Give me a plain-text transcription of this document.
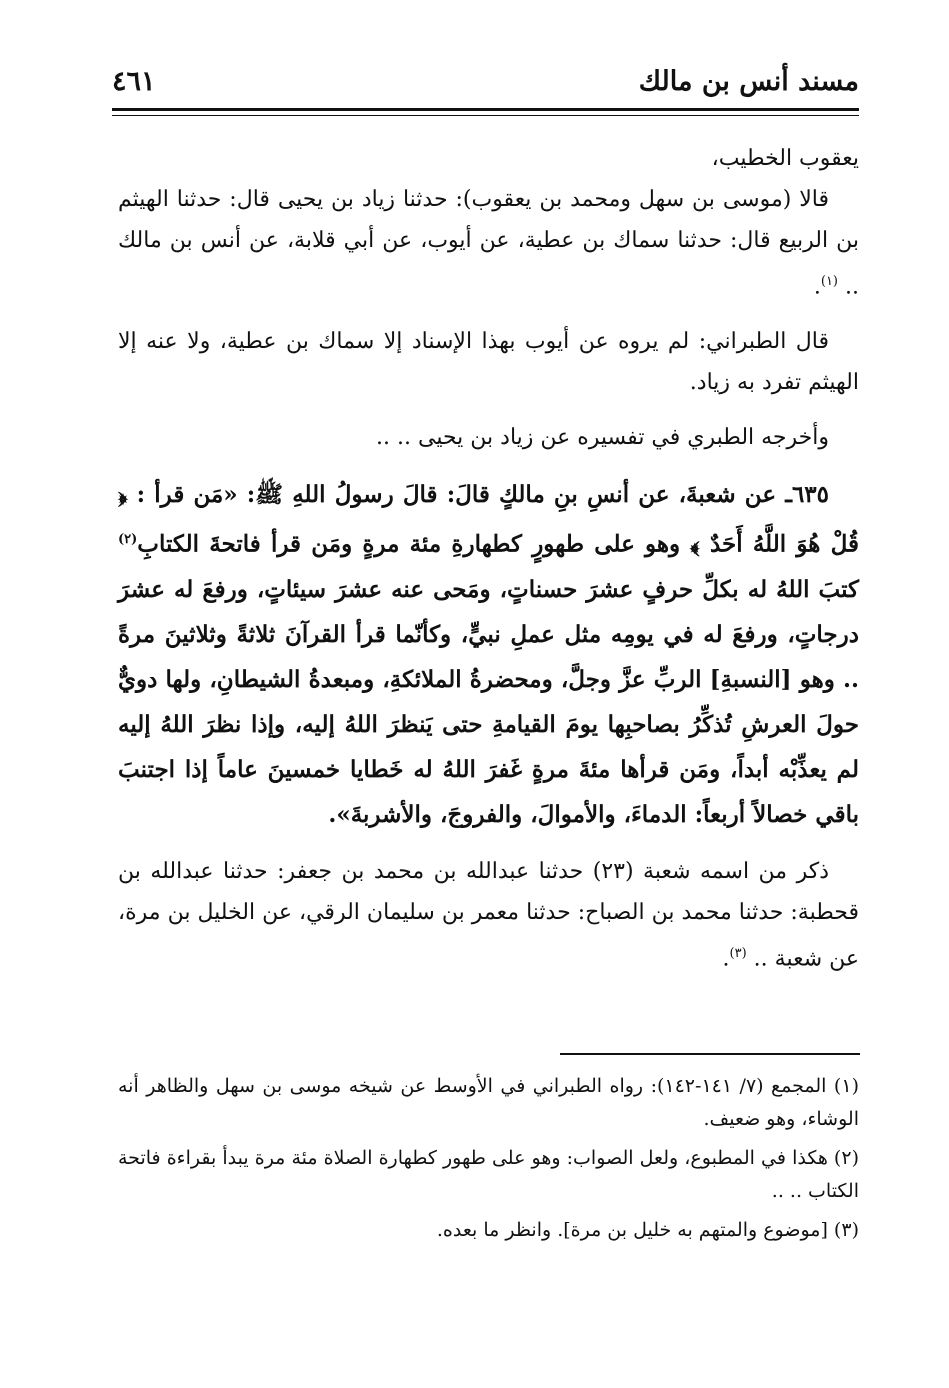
مسند أنس بن مالك
٤٦١

يعقوب الخطيب،

قالا (موسى بن سهل ومحمد بن يعقوب): حدثنا زياد بن يحيى قال: حدثنا الهيثم بن الربيع قال: حدثنا سماك بن عطية، عن أيوب، عن أبي قلابة، عن أنس بن مالك .. $^{(١)}$.

قال الطبراني: لم يروه عن أيوب بهذا الإسناد إلا سماك بن عطية، ولا عنه إلا الهيثم تفرد به زياد.

وأخرجه الطبري في تفسيره عن زياد بن يحيى .. ..

٦٣٥ـ عن شعبةَ، عن أنسِ بنِ مالكٍ قالَ: قالَ رسولُ اللهِ ﷺ: «مَن قرأ : ﴿ قُلْ هُوَ اللَّهُ أَحَدٌ ﴾ وهو على طهورٍ كطهارةِ مئة مرةٍ ومَن قرأ فاتحةَ الكتابِ$^{(٢)}$ كتبَ اللهُ له بكلِّ حرفٍ عشرَ حسناتٍ، ومَحى عنه عشرَ سيئاتٍ، ورفعَ له عشرَ درجاتٍ، ورفعَ له في يومِه مثل عملِ نبيٍّ، وكأنّما قرأ القرآنَ ثلاثةً وثلاثينَ مرةً .. وهو [النسبةِ] الربِّ عزَّ وجلَّ، ومحضرةُ الملائكةِ، ومبعدةُ الشيطانِ، ولها دويٌّ حولَ العرشِ تُذكِّرُ بصاحبِها يومَ القيامةِ حتى يَنظرَ اللهُ إليه، وإذا نظرَ اللهُ إليه لم يعذِّبْه أبداً، ومَن قرأها مئةَ مرةٍ غَفرَ اللهُ له خَطايا خمسينَ عاماً إذا اجتنبَ باقي خصالاً أربعاً: الدماءَ، والأموالَ، والفروجَ، والأشربةَ».

ذكر من اسمه شعبة (٢٣) حدثنا عبدالله بن محمد بن جعفر: حدثنا عبدالله بن قحطبة: حدثنا محمد بن الصباح: حدثنا معمر بن سليمان الرقي، عن الخليل بن مرة، عن شعبة .. $^{(٣)}$.

(١) المجمع (٧/ ١٤١-١٤٢): رواه الطبراني في الأوسط عن شيخه موسى بن سهل والظاهر أنه الوشاء، وهو ضعيف.

(٢) هكذا في المطبوع، ولعل الصواب: وهو على طهور كطهارة الصلاة مئة مرة يبدأ بقراءة فاتحة الكتاب .. ..

(٣) [موضوع والمتهم به خليل بن مرة]. وانظر ما بعده.
